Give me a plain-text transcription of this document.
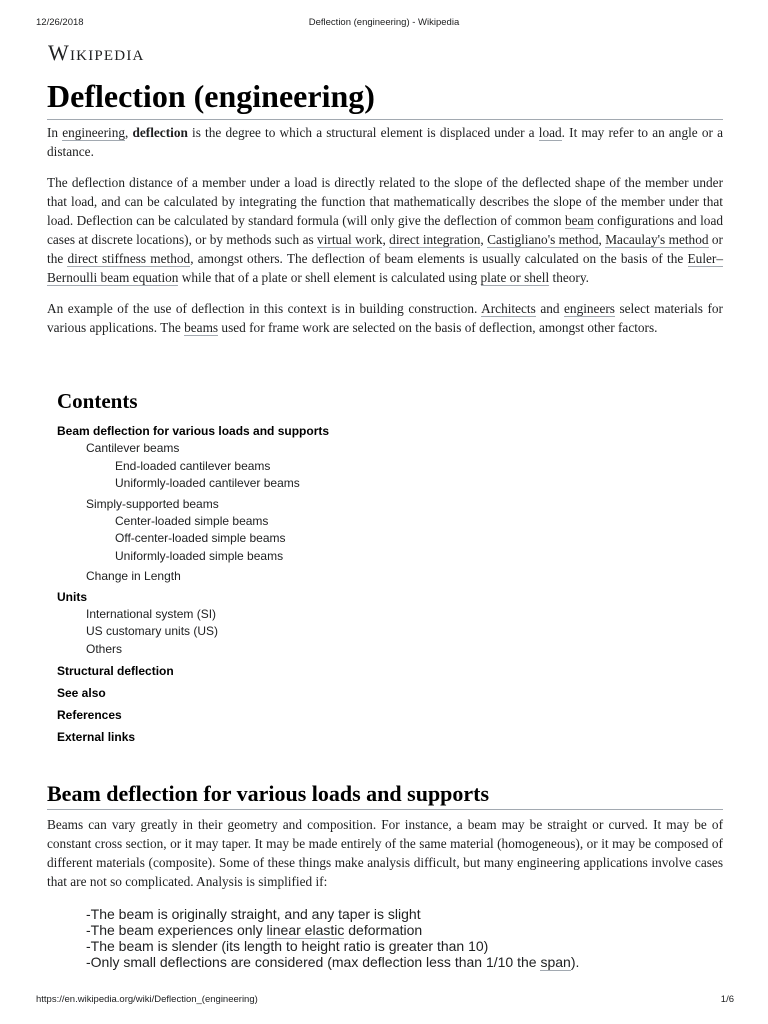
12/26/2018	Deflection (engineering) - Wikipedia
Wikipedia
Deflection (engineering)

In engineering, deflection is the degree to which a structural element is displaced under a load. It may refer to an angle or a distance.

The deflection distance of a member under a load is directly related to the slope of the deflected shape of the member under that load, and can be calculated by integrating the function that mathematically describes the slope of the member under that load. Deflection can be calculated by standard formula (will only give the deflection of common beam configurations and load cases at discrete locations), or by methods such as virtual work, direct integration, Castigliano's method, Macaulay's method or the direct stiffness method, amongst others. The deflection of beam elements is usually calculated on the basis of the Euler–Bernoulli beam equation while that of a plate or shell element is calculated using plate or shell theory.

An example of the use of deflection in this context is in building construction. Architects and engineers select materials for various applications. The beams used for frame work are selected on the basis of deflection, amongst other factors.

Contents
Beam deflection for various loads and supports
Cantilever beams
End-loaded cantilever beams
Uniformly-loaded cantilever beams
Simply-supported beams
Center-loaded simple beams
Off-center-loaded simple beams
Uniformly-loaded simple beams
Change in Length
Units
International system (SI)
US customary units (US)
Others
Structural deflection
See also
References
External links
Beam deflection for various loads and supports
Beams can vary greatly in their geometry and composition. For instance, a beam may be straight or curved. It may be of constant cross section, or it may taper. It may be made entirely of the same material (homogeneous), or it may be composed of different materials (composite). Some of these things make analysis difficult, but many engineering applications involve cases that are not so complicated. Analysis is simplified if:
-The beam is originally straight, and any taper is slight
-The beam experiences only linear elastic deformation
-The beam is slender (its length to height ratio is greater than 10)
-Only small deflections are considered (max deflection less than 1/10 the span).
https://en.wikipedia.org/wiki/Deflection_(engineering)	1/6
